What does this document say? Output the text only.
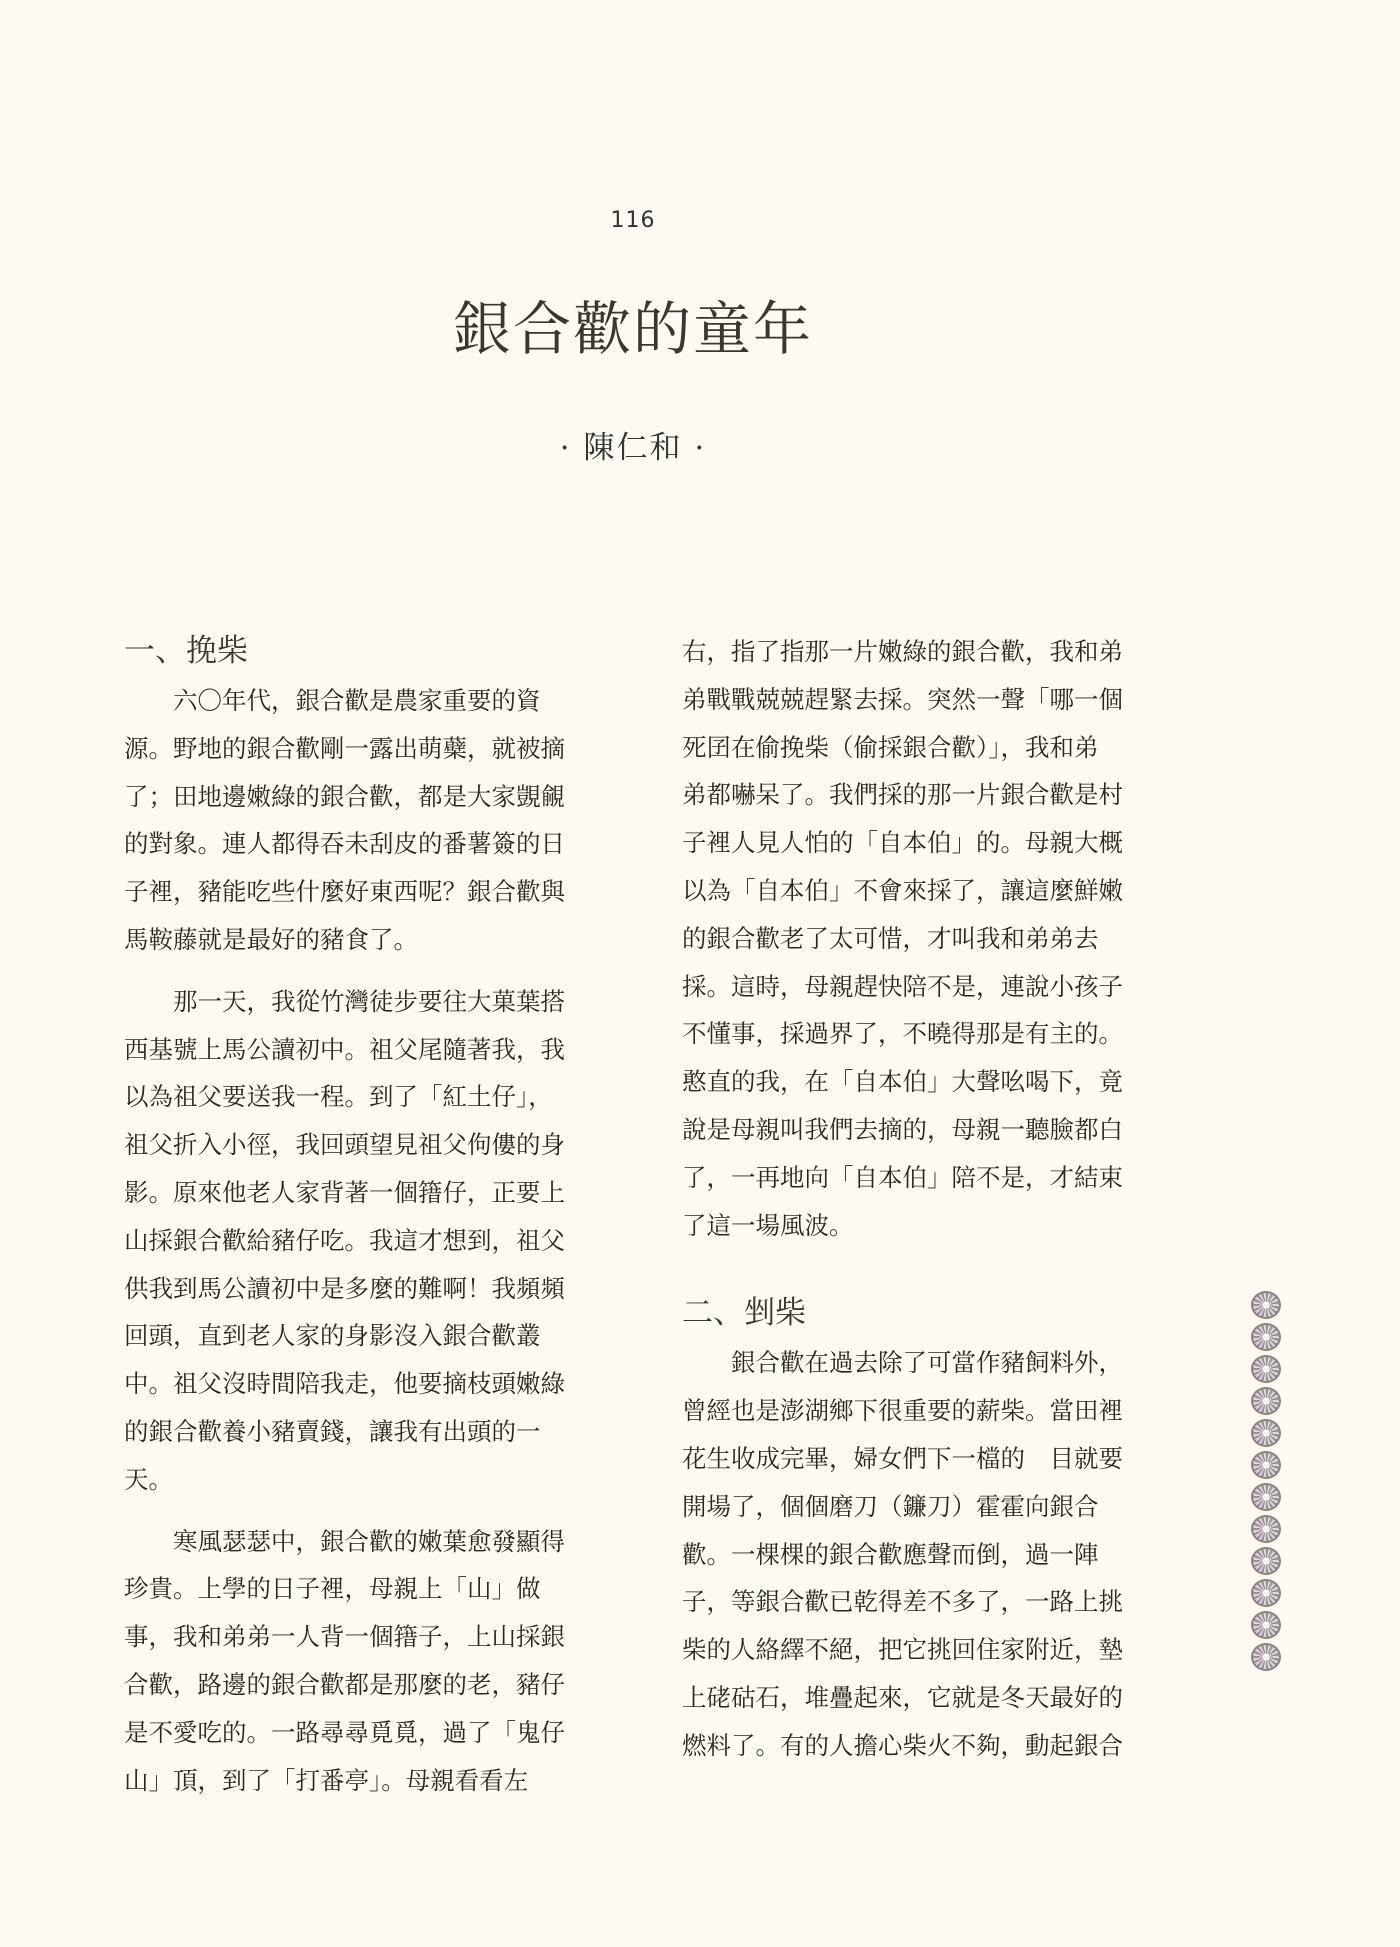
116
銀合歡的童年
· 陳仁和 ·
一、挽柴
　　六〇年代，銀合歡是農家重要的資
源。野地的銀合歡剛一露出萌蘗，就被摘
了；田地邊嫩綠的銀合歡，都是大家覬覦
的對象。連人都得吞未刮皮的番薯簽的日
子裡，豬能吃些什麼好東西呢？銀合歡與
馬鞍藤就是最好的豬食了。
　　那一天，我從竹灣徒步要往大菓葉搭
西基號上馬公讀初中。祖父尾隨著我，我
以為祖父要送我一程。到了「紅土仔」，
祖父折入小徑，我回頭望見祖父佝僂的身
影。原來他老人家背著一個簎仔，正要上
山採銀合歡給豬仔吃。我這才想到，祖父
供我到馬公讀初中是多麼的難啊！我頻頻
回頭，直到老人家的身影沒入銀合歡叢
中。祖父沒時間陪我走，他要摘枝頭嫩綠
的銀合歡養小豬賣錢，讓我有出頭的一
天。
　　寒風瑟瑟中，銀合歡的嫩葉愈發顯得
珍貴。上學的日子裡，母親上「山」做
事，我和弟弟一人背一個簎子，上山採銀
合歡，路邊的銀合歡都是那麼的老，豬仔
是不愛吃的。一路尋尋覓覓，過了「鬼仔
山」頂，到了「打番亭」。母親看看左
右，指了指那一片嫩綠的銀合歡，我和弟
弟戰戰兢兢趕緊去採。突然一聲「哪一個
死囝在偷挽柴（偷採銀合歡）」，我和弟
弟都嚇呆了。我們採的那一片銀合歡是村
子裡人見人怕的「自本伯」的。母親大概
以為「自本伯」不會來採了，讓這麼鮮嫩
的銀合歡老了太可惜，才叫我和弟弟去
採。這時，母親趕快陪不是，連說小孩子
不懂事，採過界了，不曉得那是有主的。
憨直的我，在「自本伯」大聲吆喝下，竟
說是母親叫我們去摘的，母親一聽臉都白
了，一再地向「自本伯」陪不是，才結束
了這一場風波。
二、剉柴
　　銀合歡在過去除了可當作豬飼料外，
曾經也是澎湖鄉下很重要的薪柴。當田裡
花生收成完畢，婦女們下一檔的　目就要
開場了，個個磨刀（鐮刀）霍霍向銀合
歡。一棵棵的銀合歡應聲而倒，過一陣
子，等銀合歡已乾得差不多了，一路上挑
柴的人絡繹不絕，把它挑回住家附近，墊
上硓𥑮石，堆疊起來，它就是冬天最好的
燃料了。有的人擔心柴火不夠，動起銀合
